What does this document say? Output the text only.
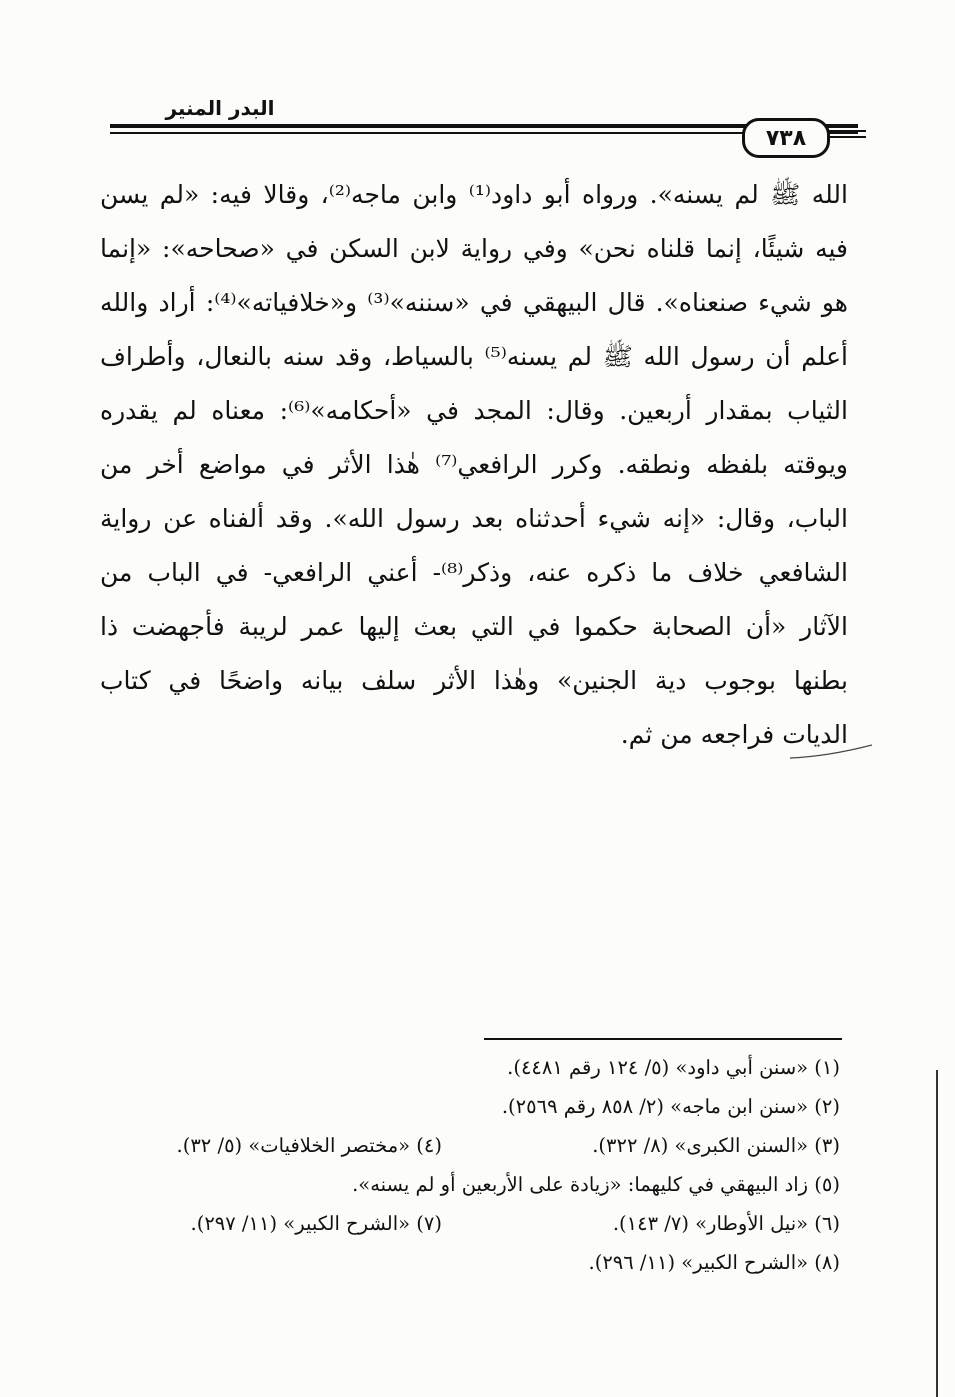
البدر المنير
٧٣٨
الله ﷺ لم يسنه». ورواه أبو داود⁽¹⁾ وابن ماجه⁽²⁾، وقالا فيه: «لم يسن
فيه شيئًا، إنما قلناه نحن» وفي رواية لابن السكن في «صحاحه»: «إنما
هو شيء صنعناه». قال البيهقي في «سننه»⁽³⁾ و«خلافياته»⁽⁴⁾: أراد والله
أعلم أن رسول الله ﷺ لم يسنه⁽⁵⁾ بالسياط، وقد سنه بالنعال، وأطراف
الثياب بمقدار أربعين. وقال: المجد في «أحكامه»⁽⁶⁾: معناه لم يقدره
ويوقته بلفظه ونطقه. وكرر الرافعي⁽⁷⁾ هٰذا الأثر في مواضع أخر من
الباب، وقال: «إنه شيء أحدثناه بعد رسول الله». وقد ألفناه عن رواية
الشافعي خلاف ما ذكره عنه، وذكر⁽⁸⁾- أعني الرافعي- في الباب من
الآثار «أن الصحابة حكموا في التي بعث إليها عمر لريبة فأجهضت ذا
بطنها بوجوب دية الجنين» وهٰذا الأثر سلف بيانه واضحًا في كتاب
الديات فراجعه من ثم.
(١) «سنن أبي داود» (٥/ ١٢٤ رقم ٤٤٨١).
(٢) «سنن ابن ماجه» (٢/ ٨٥٨ رقم ٢٥٦٩).
(٣) «السنن الكبرى» (٨/ ٣٢٢).
(٤) «مختصر الخلافيات» (٥/ ٣٢).
(٥) زاد البيهقي في كليهما: «زيادة على الأربعين أو لم يسنه».
(٦) «نيل الأوطار» (٧/ ١٤٣).
(٧) «الشرح الكبير» (١١/ ٢٩٧).
(٨) «الشرح الكبير» (١١/ ٢٩٦).
